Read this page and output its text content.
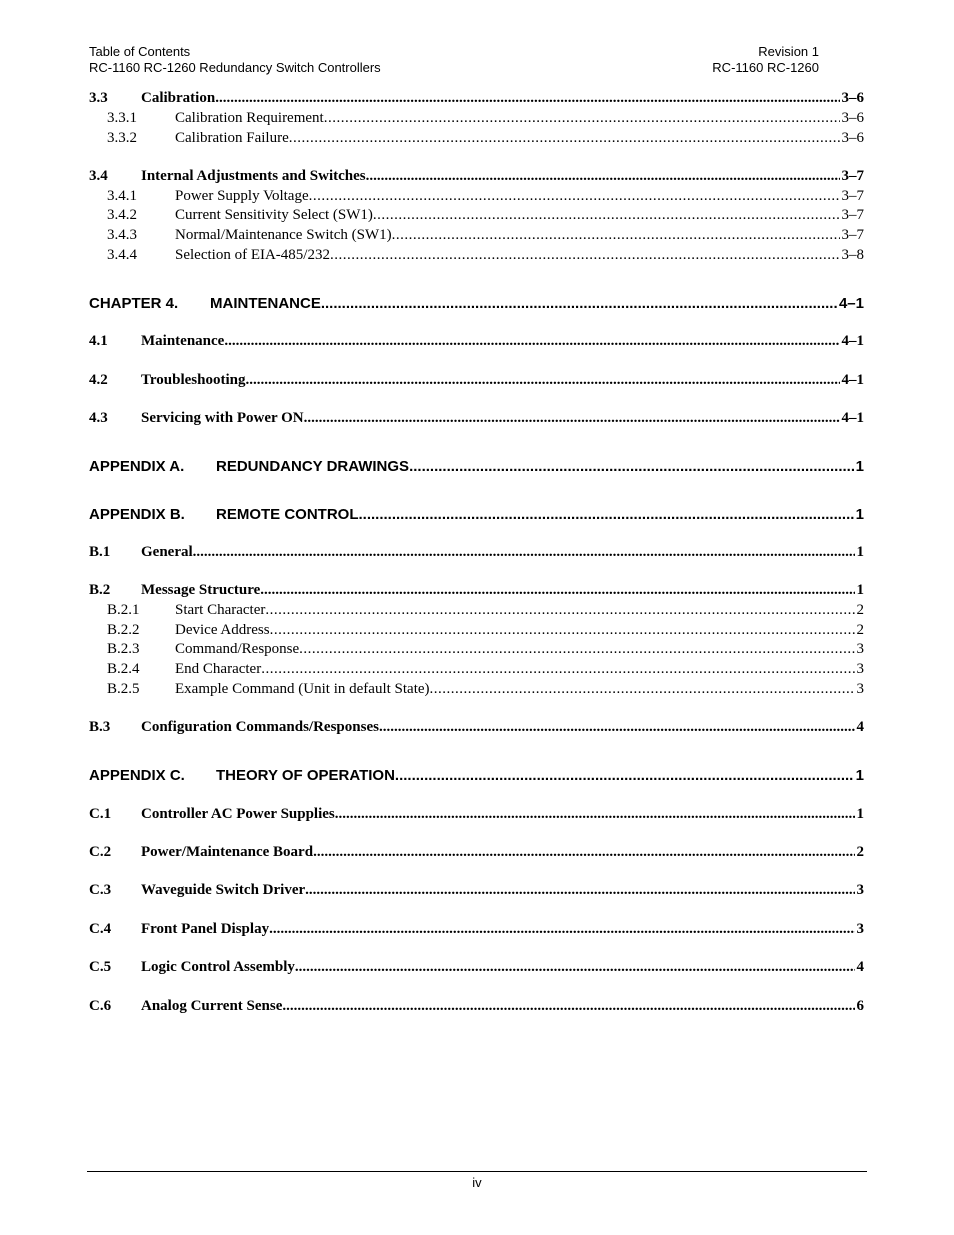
Table of Contents
RC-1160 RC-1260 Redundancy Switch Controllers
Revision 1
RC-1160 RC-1260
3.3	Calibration .....	3–6
3.3.1	Calibration Requirement .....	3–6
3.3.2	Calibration Failure .....	3–6
3.4	Internal Adjustments and Switches .....	3–7
3.4.1	Power Supply Voltage .....	3–7
3.4.2	Current Sensitivity Select (SW1) .....	3–7
3.4.3	Normal/Maintenance Switch (SW1) .....	3–7
3.4.4	Selection of EIA-485/232 .....	3–8
CHAPTER 4.	MAINTENANCE .....	4–1
4.1	Maintenance .....	4–1
4.2	Troubleshooting .....	4–1
4.3	Servicing with Power ON .....	4–1
APPENDIX A.	REDUNDANCY DRAWINGS .....	1
APPENDIX B.	REMOTE CONTROL .....	1
B.1	General .....	1
B.2	Message Structure .....	1
B.2.1	Start Character .....	2
B.2.2	Device Address .....	2
B.2.3	Command/Response .....	3
B.2.4	End Character .....	3
B.2.5	Example Command (Unit in default State) .....	3
B.3	Configuration Commands/Responses .....	4
APPENDIX C.	THEORY OF OPERATION .....	1
C.1	Controller AC Power Supplies .....	1
C.2	Power/Maintenance Board .....	2
C.3	Waveguide Switch Driver .....	3
C.4	Front Panel Display .....	3
C.5	Logic Control Assembly .....	4
C.6	Analog Current Sense .....	6
iv
